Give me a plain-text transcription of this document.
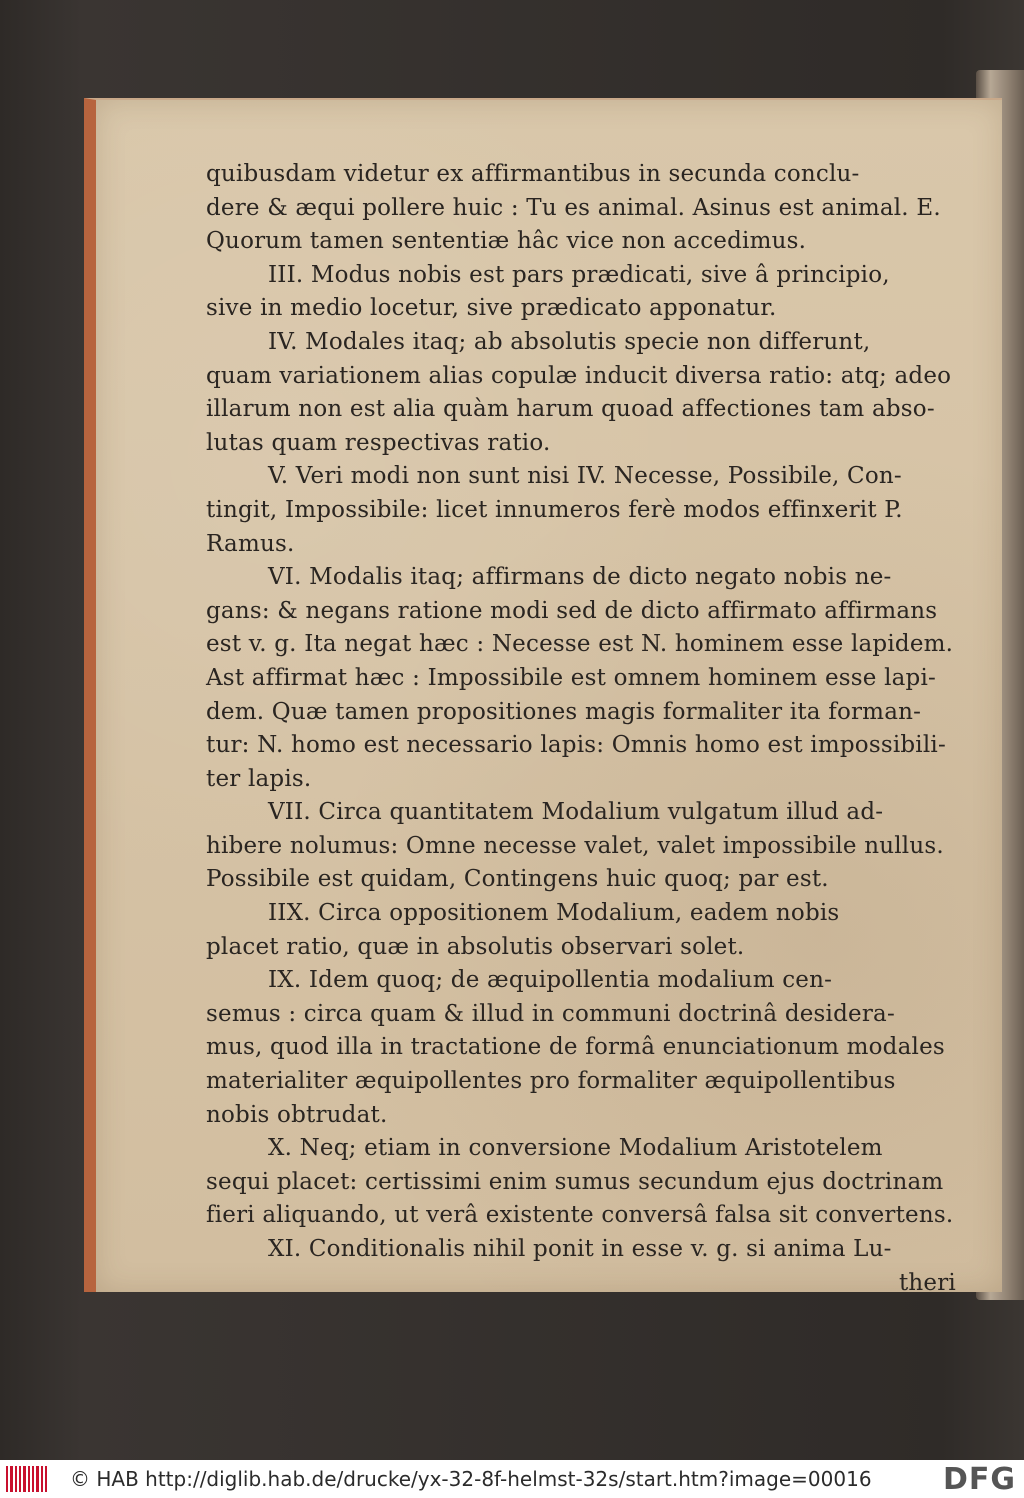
quibusdam videtur ex affirmantibus in secunda conclu-
dere & æqui pollere huic : Tu es animal. Asinus est animal. E.
Quorum tamen sententiæ hâc vice non accedimus.
III. Modus nobis est pars prædicati, sive â principio,
sive in medio locetur, sive prædicato apponatur.
IV. Modales itaq; ab absolutis specie non differunt,
quam variationem alias copulæ inducit diversa ratio: atq; adeo
illarum non est alia quàm harum quoad affectiones tam abso-
lutas quam respectivas ratio.
V. Veri modi non sunt nisi IV. Necesse, Possibile, Con-
tingit, Impossibile: licet innumeros ferè modos effinxerit P.
Ramus.
VI. Modalis itaq; affirmans de dicto negato nobis ne-
gans: & negans ratione modi sed de dicto affirmato affirmans
est v. g. Ita negat hæc : Necesse est N. hominem esse lapidem.
Ast affirmat hæc : Impossibile est omnem hominem esse lapi-
dem. Quæ tamen propositiones magis formaliter ita forman-
tur: N. homo est necessario lapis: Omnis homo est impossibili-
ter lapis.
VII. Circa quantitatem Modalium vulgatum illud ad-
hibere nolumus: Omne necesse valet, valet impossibile nullus.
Possibile est quidam, Contingens huic quoq; par est.
IIX. Circa oppositionem Modalium, eadem nobis
placet ratio, quæ in absolutis observari solet.
IX. Idem quoq; de æquipollentia modalium cen-
semus : circa quam & illud in communi doctrinâ desidera-
mus, quod illa in tractatione de formâ enunciationum modales
materialiter æquipollentes pro formaliter æquipollentibus
nobis obtrudat.
X. Neq; etiam in conversione Modalium Aristotelem
sequi placet: certissimi enim sumus secundum ejus doctrinam
fieri aliquando, ut verâ existente conversâ falsa sit convertens.
XI. Conditionalis nihil ponit in esse v. g. si anima Lu-
theri
© HAB http://diglib.hab.de/drucke/yx-32-8f-helmst-32s/start.htm?image=00016 DFG
